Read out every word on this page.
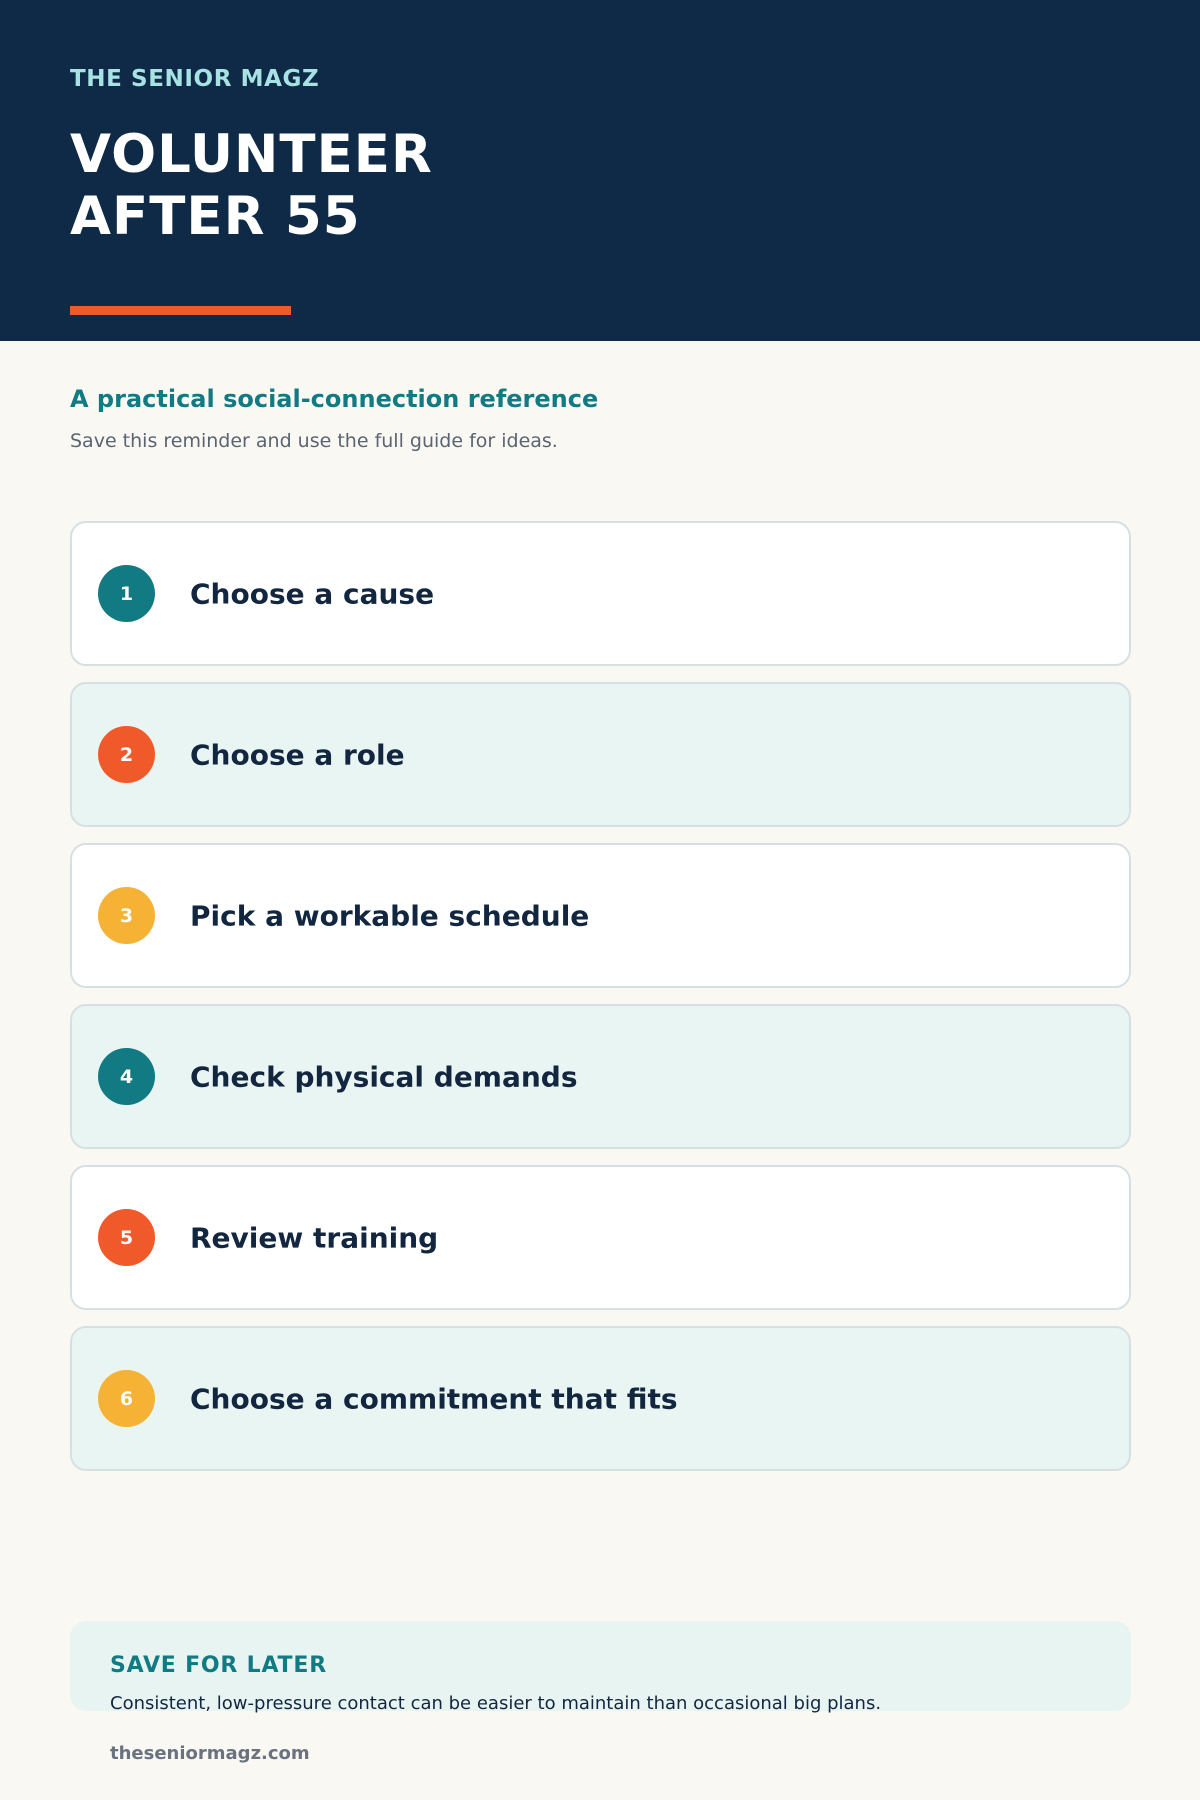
THE SENIOR MAGZ
VOLUNTEER
AFTER 55
A practical social-connection reference

Save this reminder and use the full guide for ideas.

1	Choose a cause
2	Choose a role
3	Pick a workable schedule
4	Check physical demands
5	Review training
6	Choose a commitment that fits
SAVE FOR LATER
Consistent, low-pressure contact can be easier to maintain than occasional big plans.
theseniormagz.com
